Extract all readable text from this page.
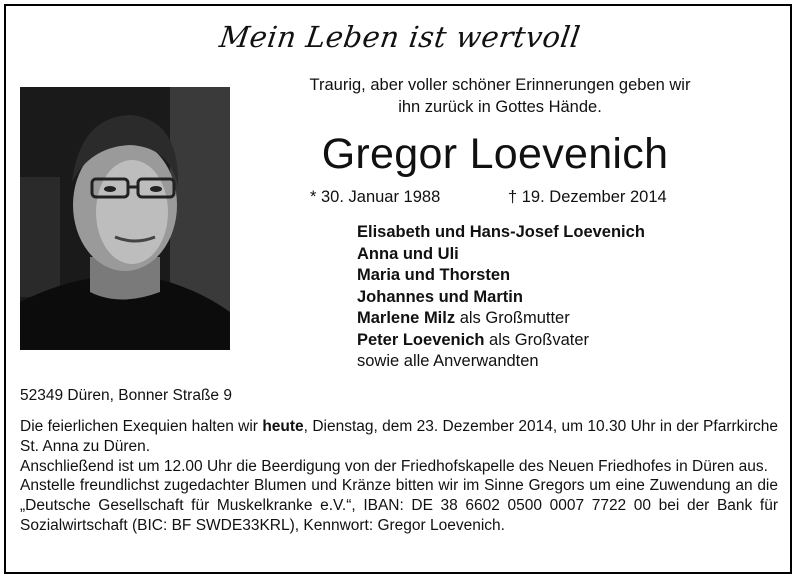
Mein Leben ist wertvoll
Traurig, aber voller schöner Erinnerungen geben wir
ihn zurück in Gottes Hände.
Gregor Loevenich
* 30. Januar 1988	† 19. Dezember 2014
Elisabeth und Hans-Josef Loevenich
Anna und Uli
Maria und Thorsten
Johannes und Martin
Marlene Milz als Großmutter
Peter Loevenich als Großvater
sowie alle Anverwandten
52349 Düren, Bonner Straße 9

Die feierlichen Exequien halten wir heute, Dienstag, dem 23. Dezember 2014, um 10.30 Uhr in der Pfarrkirche St. Anna zu Düren.

Anschließend ist um 12.00 Uhr die Beerdigung von der Friedhofskapelle des Neuen Friedhofes in Düren aus.

Anstelle freundlichst zugedachter Blumen und Kränze bitten wir im Sinne Gregors um eine Zuwendung an die „Deutsche Gesellschaft für Muskelkranke e.V.“, IBAN: DE 38 6602 0500 0007 7722 00 bei der Bank für Sozialwirtschaft (BIC: BF SWDE33KRL), Kennwort: Gregor Loevenich.
